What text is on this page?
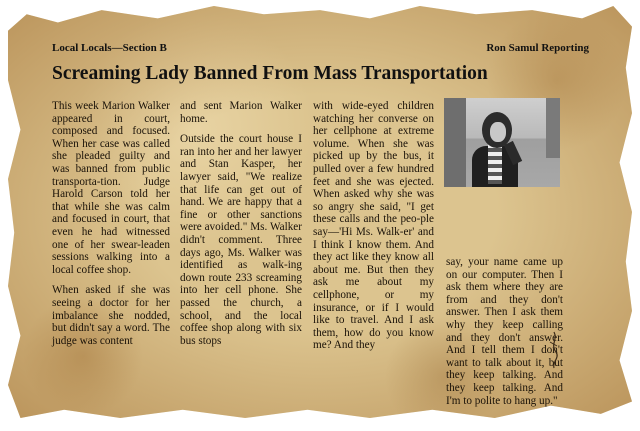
Local Locals—Section B	Ron Samul Reporting
Screaming Lady Banned From Mass Transportation

This week Marion Walker appeared in court, composed and focused. When her case was called she pleaded guilty and was banned from public transporta-tion. Judge Harold Carson told her that while she was calm and focused in court, that even he had witnessed one of her swear-leaden sessions walking into a local coffee shop.

When asked if she was seeing a doctor for her imbalance she nodded, but didn't say a word. The judge was content

and sent Marion Walker home.

Outside the court house I ran into her and her lawyer and Stan Kasper, her lawyer said, "We realize that life can get out of hand. We are happy that a fine or other sanctions were avoided." Ms. Walker didn't comment. Three days ago, Ms. Walker was identified as walk-ing down route 233 screaming into her cell phone. She passed the church, a school, and the local coffee shop along with six bus stops

with wide-eyed children watching her converse on her cellphone at extreme volume. When she was picked up by the bus, it pulled over a few hundred feet and she was ejected. When asked why she was so angry she said, "I get these calls and the peo-ple say—'Hi Ms. Walk-er' and I think I know them. And they act like they know all about me. But then they ask me about my cellphone, or my insurance, or if I would like to travel. And I ask them, how do you know me? And they

say, your name came up on our computer. Then I ask them where they are from and they don't answer. Then I ask them why they keep calling and they don't answer. And I tell them I don't want to talk about it, but they keep talking. And they keep talking. And I'm to polite to hang up."
